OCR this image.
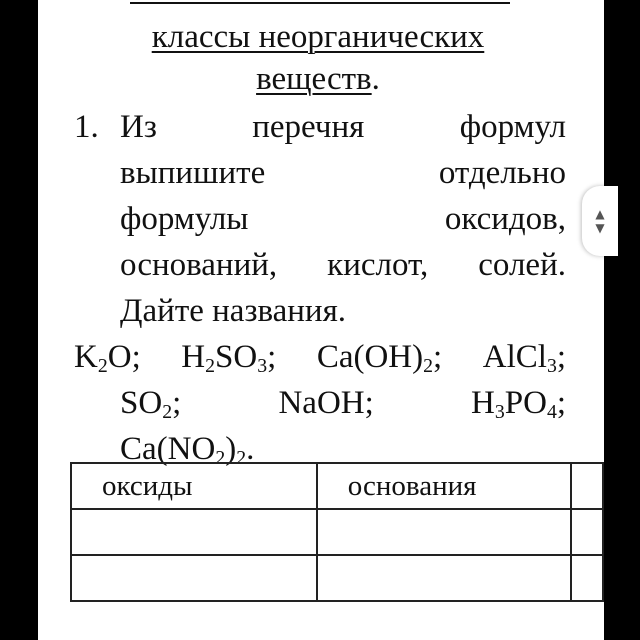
классы неорганических
веществ.
1. Из	перечня	формул
выпишите	отдельно
формулы	оксидов,
оснований, кислот, солей.
Дайте названия.
$K_2O$; $H_2SO_3$; $Ca(OH)_2$; AlCl$_3$;
$SO_2$;	NaOH;	$H_3PO_4$;
$Ca(NO_2)_2$.
оксиды	основания	

▲
▼
